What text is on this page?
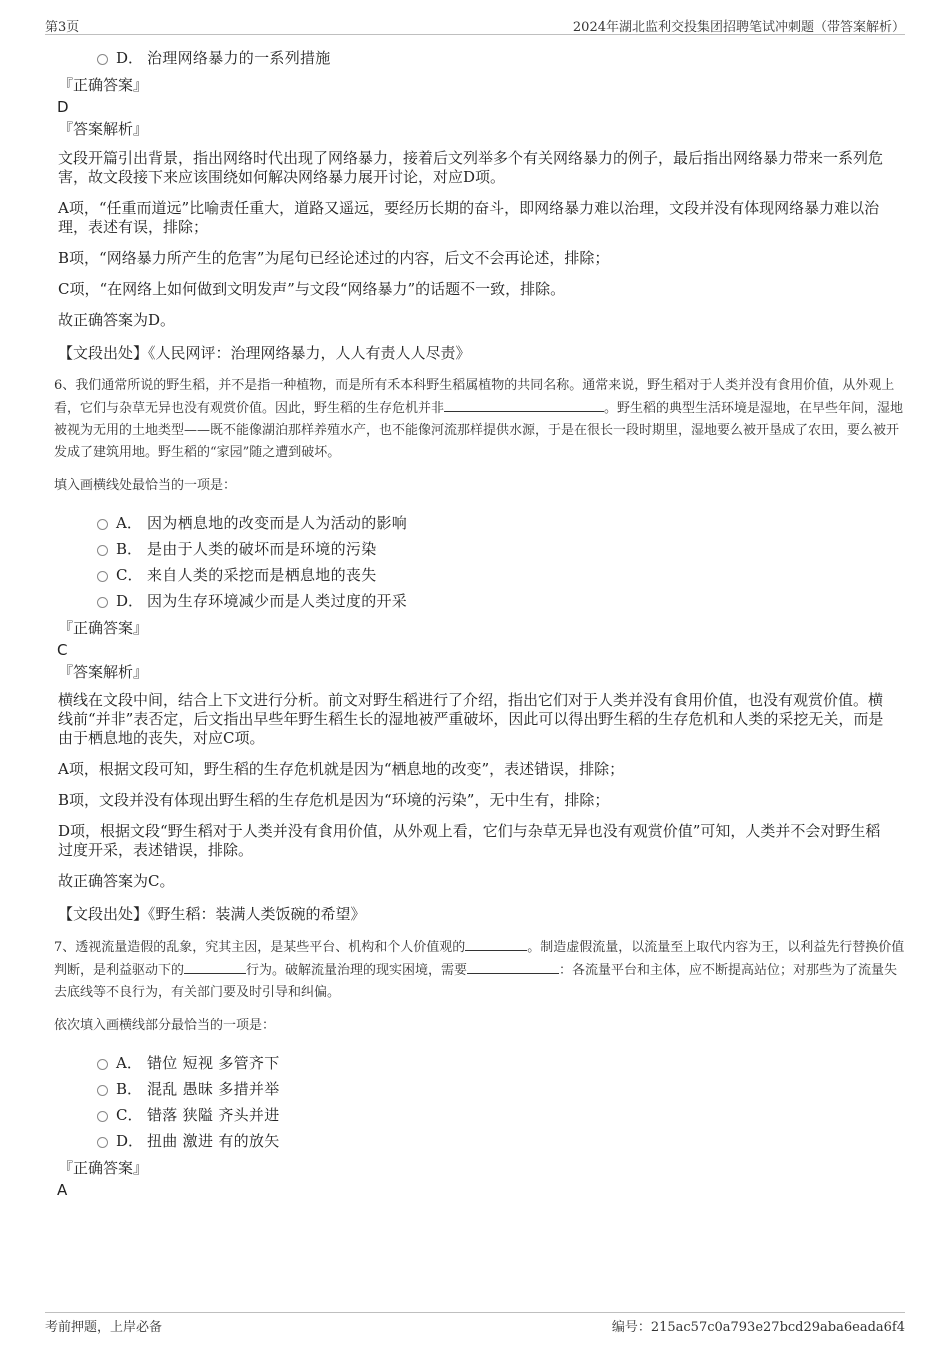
第3页	2024年湖北监利交投集团招聘笔试冲刺题（带答案解析）
D． 治理网络暴力的一系列措施
『正确答案』
D
『答案解析』
文段开篇引出背景，指出网络时代出现了网络暴力，接着后文列举多个有关网络暴力的例子，最后指出网络暴力带来一系列危害，故文段接下来应该围绕如何解决网络暴力展开讨论，对应D项。
A项，“任重而道远”比喻责任重大，道路又遥远，要经历长期的奋斗，即网络暴力难以治理，文段并没有体现网络暴力难以治理，表述有误，排除；
B项，“网络暴力所产生的危害”为尾句已经论述过的内容，后文不会再论述，排除；
C项，“在网络上如何做到文明发声”与文段“网络暴力”的话题不一致，排除。
故正确答案为D。
【文段出处】《人民网评：治理网络暴力，人人有责人人尽责》
6、我们通常所说的野生稻，并不是指一种植物，而是所有禾本科野生稻属植物的共同名称。通常来说，野生稻对于人类并没有食用价值，从外观上看，它们与杂草无异也没有观赏价值。因此，野生稻的生存危机并非	。野生稻的典型生活环境是湿地，在早些年间，湿地被视为无用的土地类型——既不能像湖泊那样养殖水产，也不能像河流那样提供水源，于是在很长一段时期里，湿地要么被开垦成了农田，要么被开发成了建筑用地。野生稻的“家园”随之遭到破坏。
填入画横线处最恰当的一项是：
A． 因为栖息地的改变而是人为活动的影响
B． 是由于人类的破坏而是环境的污染
C． 来自人类的采挖而是栖息地的丧失
D． 因为生存环境减少而是人类过度的开采
『正确答案』
C
『答案解析』
横线在文段中间，结合上下文进行分析。前文对野生稻进行了介绍，指出它们对于人类并没有食用价值，也没有观赏价值。横线前“并非”表否定，后文指出早些年野生稻生长的湿地被严重破坏，因此可以得出野生稻的生存危机和人类的采挖无关，而是由于栖息地的丧失，对应C项。
A项，根据文段可知，野生稻的生存危机就是因为“栖息地的改变”，表述错误，排除；
B项，文段并没有体现出野生稻的生存危机是因为“环境的污染”，无中生有，排除；
D项，根据文段“野生稻对于人类并没有食用价值，从外观上看，它们与杂草无异也没有观赏价值”可知，人类并不会对野生稻过度开采，表述错误，排除。
故正确答案为C。
【文段出处】《野生稻：装满人类饭碗的希望》
7、透视流量造假的乱象，究其主因，是某些平台、机构和个人价值观的	。制造虚假流量，以流量至上取代内容为王，以利益先行替换价值判断，是利益驱动下的	行为。破解流量治理的现实困境，需要	：各流量平台和主体，应不断提高站位；对那些为了流量失去底线等不良行为，有关部门要及时引导和纠偏。
依次填入画横线部分最恰当的一项是：
A． 错位 短视 多管齐下
B． 混乱 愚昧 多措并举
C． 错落 狭隘 齐头并进
D． 扭曲 激进 有的放矢
『正确答案』
A
考前押题，上岸必备	编号：215ac57c0a793e27bcd29aba6eada6f4
